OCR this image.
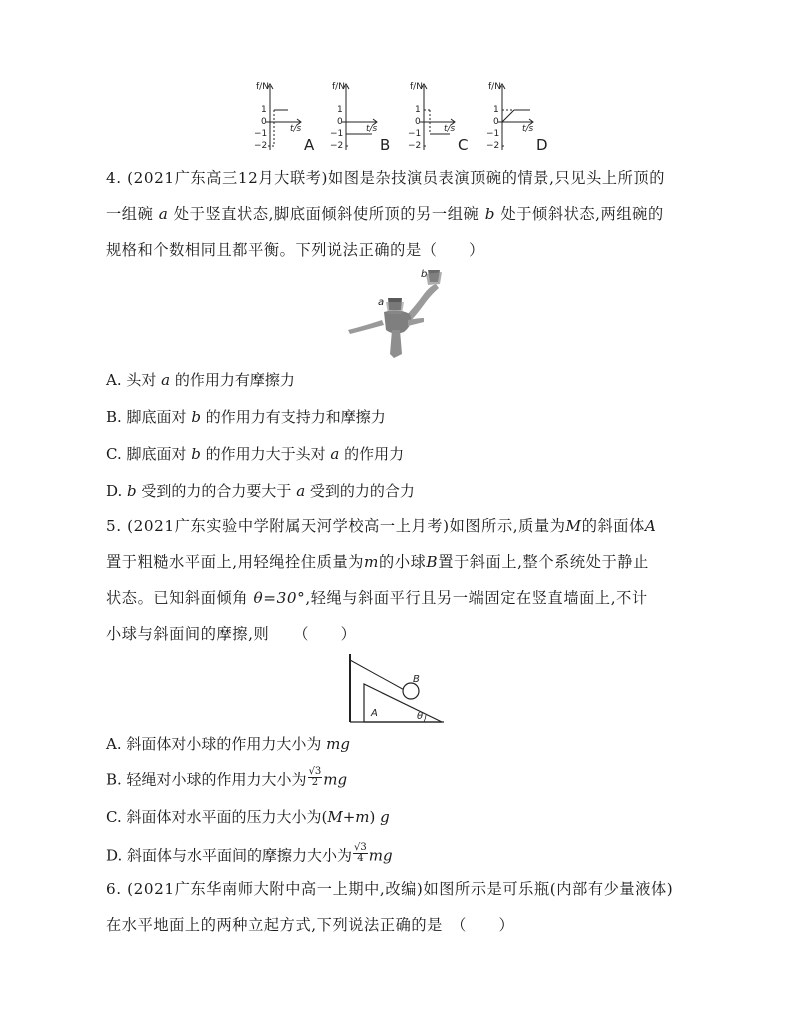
f/N
1
0
−1
−2
t/s
A
f/N
1
0
−1
−2
t/s
B
f/N
1
0
−1
−2
t/s
C
f/N
1
0
−1
−2
t/s
D
4. (2021广东高三12月大联考)如图是杂技演员表演顶碗的情景,只见头上所顶的
一组碗 a 处于竖直状态,脚底面倾斜使所顶的另一组碗 b 处于倾斜状态,两组碗的
规格和个数相同且都平衡。下列说法正确的是（　　）
b
a
A. 头对 a 的作用力有摩擦力
B. 脚底面对 b 的作用力有支持力和摩擦力
C. 脚底面对 b 的作用力大于头对 a 的作用力
D. b 受到的力的合力要大于 a 受到的力的合力
5. (2021广东实验中学附属天河学校高一上月考)如图所示,质量为M的斜面体A
置于粗糙水平面上,用轻绳拴住质量为m的小球B置于斜面上,整个系统处于静止
状态。已知斜面倾角 θ=30°,轻绳与斜面平行且另一端固定在竖直墙面上,不计
小球与斜面间的摩擦,则　　（　　）
B
A	θ
A. 斜面体对小球的作用力大小为 mg
B. 轻绳对小球的作用力大小为 $\frac{√3}{2}$ mg
C. 斜面体对水平面的压力大小为(M+m) g
D. 斜面体与水平面间的摩擦力大小为 $\frac{√3}{4}$ mg
6. (2021广东华南师大附中高一上期中,改编)如图所示是可乐瓶(内部有少量液体)
在水平地面上的两种立起方式,下列说法正确的是　（　　）
